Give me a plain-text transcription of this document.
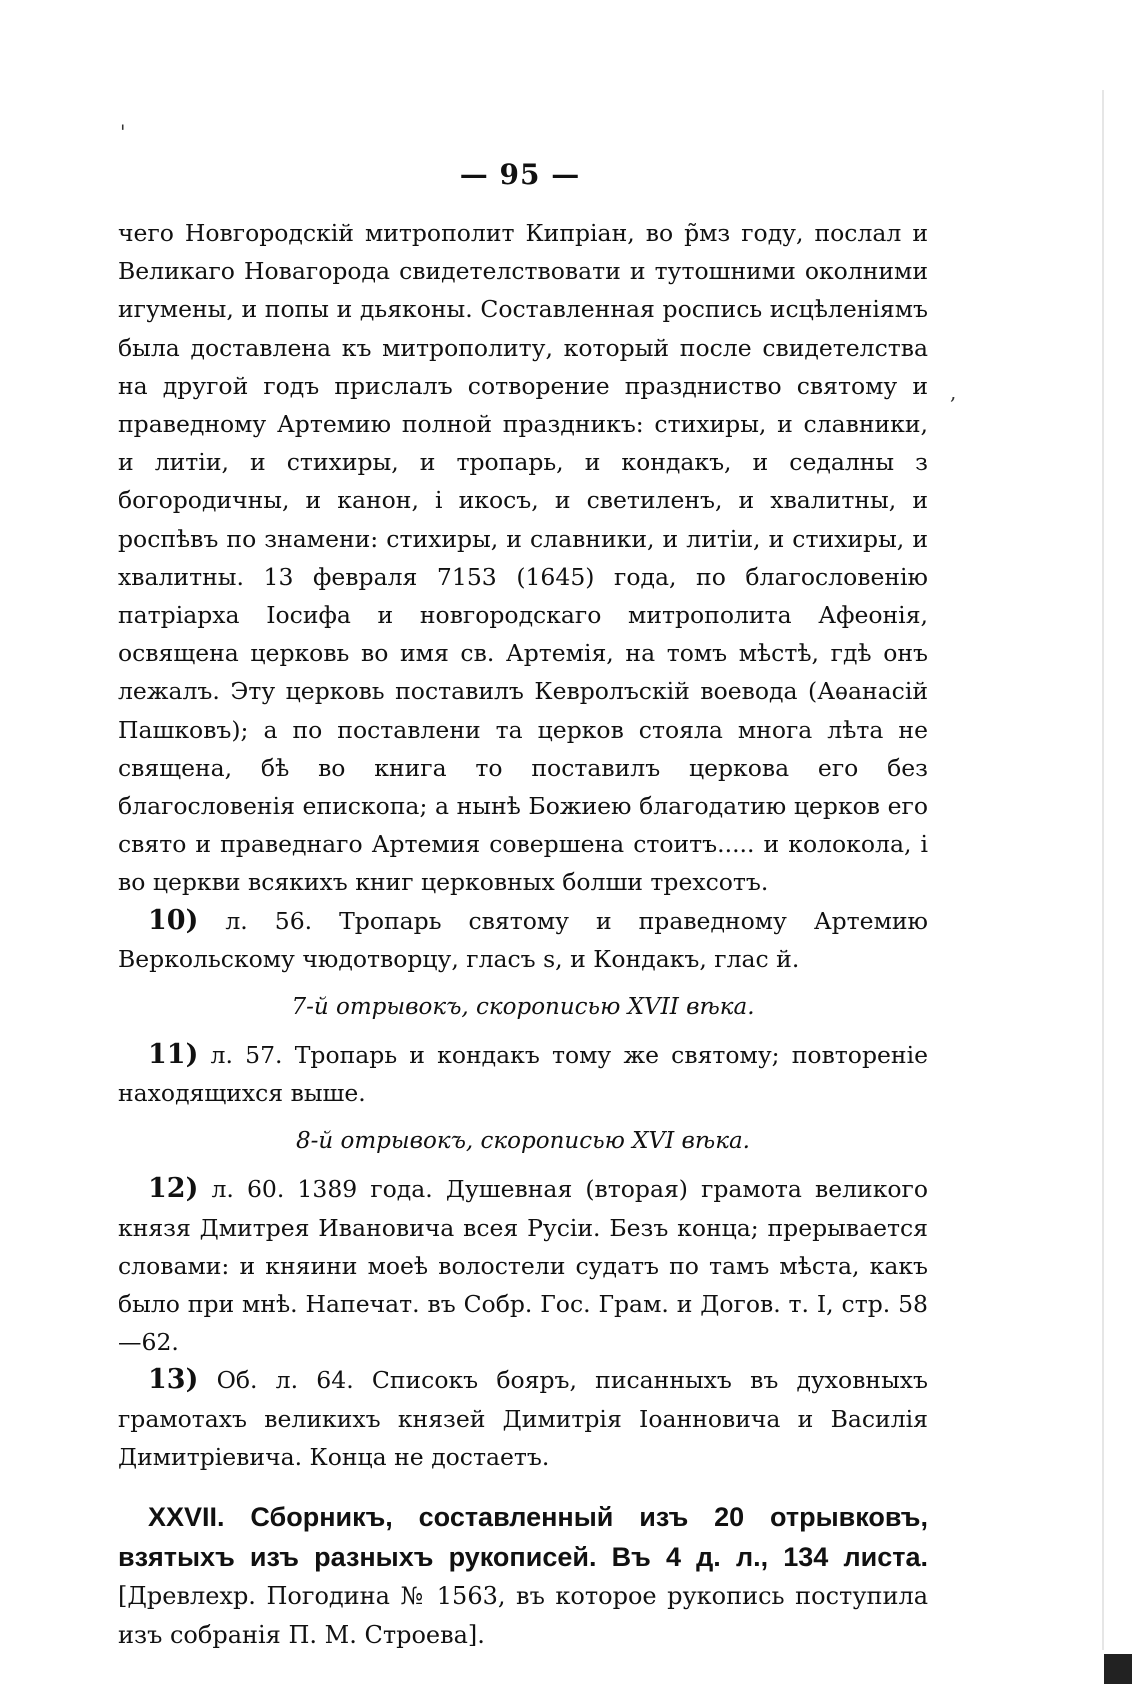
— 95 —

чего Новгородскій митрополит Кипріан, во р̃мз году, послал и Великаго Новагорода свидетелствовати и тутошними околними игумены, и попы и дьяконы. Составленная роспись исцѣленіямъ была доставлена къ митрополиту, который после свидетелства на другой годъ прислалъ сотворение праздниство святому и праведному Артемию полной праздникъ: стихиры, и славники, и литіи, и стихиры, и тропарь, и кондакъ, и седалны з богородичны, и канон, і икосъ, и светиленъ, и хвалитны, и роспѣвъ по знамени: стихиры, и славники, и литіи, и стихиры, и хвалитны. 13 февраля 7153 (1645) года, по благословенію патріарха Іосифа и новгородскаго митрополита Афеонія, освящена церковь во имя св. Артемія, на томъ мѣстѣ, гдѣ онъ лежалъ. Эту церковь поставилъ Кевролъскій воевода (Аѳанасій Пашковъ); а по поставлени та церков стояла многа лѣта не священа, бѣ во книга то поставилъ церкова его без благословенія епископа; а нынѣ Божиею благодатию церков его свято и праведнаго Артемия совершена стоитъ..... и колокола, і во церкви всякихъ книг церковных болши трехсотъ.

10) л. 56. Тропарь святому и праведному Артемию Веркольскому чюдотворцу, гласъ ѕ, и Кондакъ, глас й.

7-й отрывокъ, скорописью XVII вѣка.

11) л. 57. Тропарь и кондакъ тому же святому; повтореніе находящихся выше.

8-й отрывокъ, скорописью XVI вѣка.

12) л. 60. 1389 года. Душевная (вторая) грамота великого князя Дмитрея Ивановича всея Русіи. Безъ конца; прерывается словами: и княини моеѣ волостели судатъ по тамъ мѣста, какъ было при мнѣ. Напечат. въ Собр. Гос. Грам. и Догов. т. I, стр. 58—62.

13) Об. л. 64. Списокъ бояръ, писанныхъ въ духовныхъ грамотахъ великихъ князей Димитрія Іоанновича и Василія Димитріевича. Конца не достаетъ.

XXVII. Сборникъ, составленный изъ 20 отрывковъ, взятыхъ изъ разныхъ рукописей. Въ 4 д. л., 134 листа. [Древлехр. Погодина № 1563, въ которое рукопись поступила изъ собранія П. М. Строева].

,
'
